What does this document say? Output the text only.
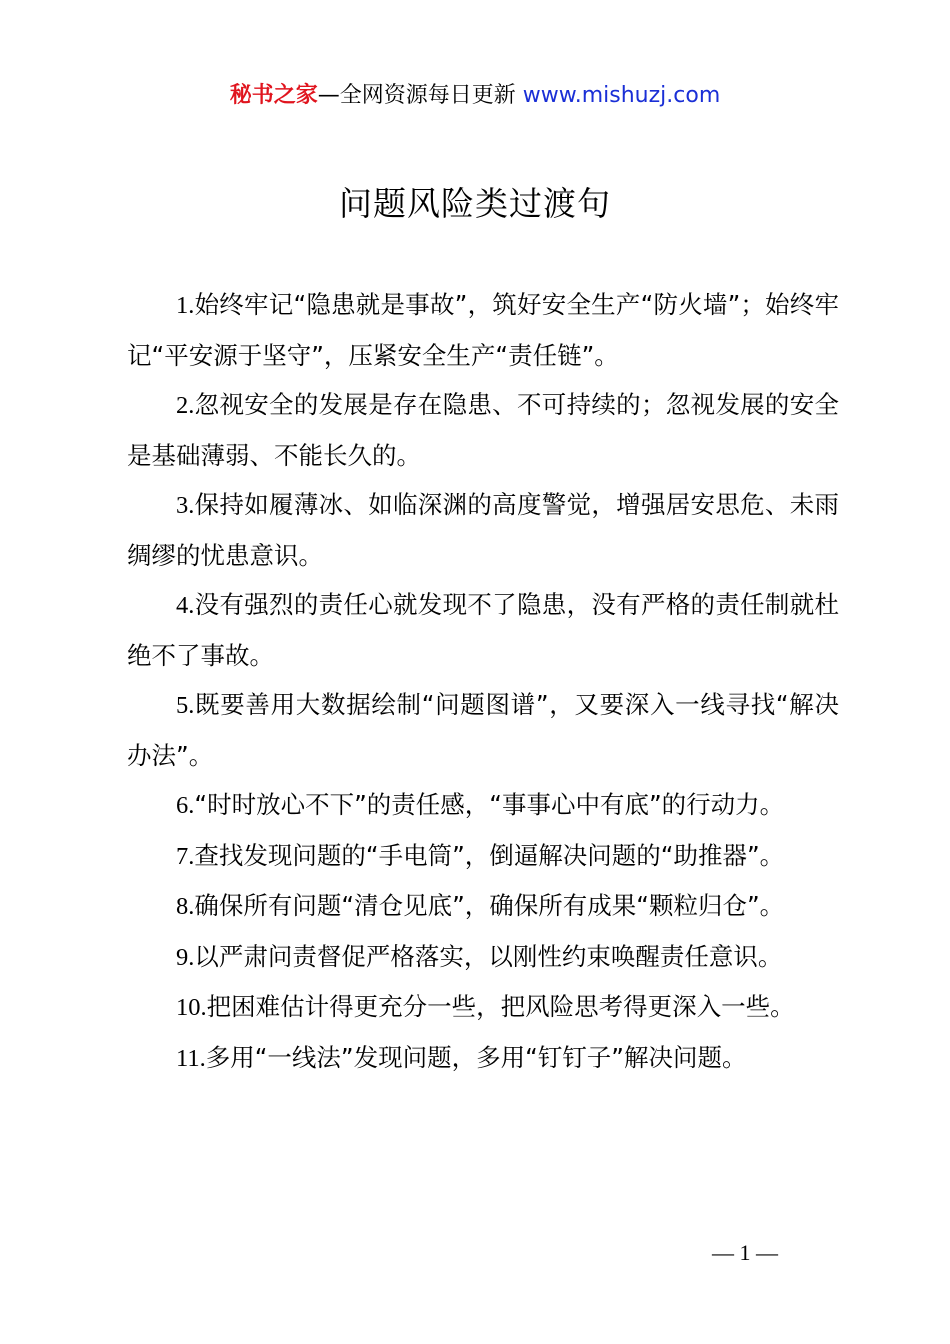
秘书之家—全网资源每日更新 www.mishuzj.com
问题风险类过渡句

1.始终牢记“隐患就是事故”，筑好安全生产“防火墙”；始终牢记“平安源于坚守”，压紧安全生产“责任链”。

2.忽视安全的发展是存在隐患、不可持续的；忽视发展的安全是基础薄弱、不能长久的。

3.保持如履薄冰、如临深渊的高度警觉，增强居安思危、未雨绸缪的忧患意识。

4.没有强烈的责任心就发现不了隐患，没有严格的责任制就杜绝不了事故。

5.既要善用大数据绘制“问题图谱”，又要深入一线寻找“解决办法”。

6.“时时放心不下”的责任感，“事事心中有底”的行动力。

7.查找发现问题的“手电筒”，倒逼解决问题的“助推器”。

8.确保所有问题“清仓见底”，确保所有成果“颗粒归仓”。

9.以严肃问责督促严格落实，以刚性约束唤醒责任意识。

10.把困难估计得更充分一些，把风险思考得更深入一些。

11.多用“一线法”发现问题，多用“钉钉子”解决问题。

— 1 —
